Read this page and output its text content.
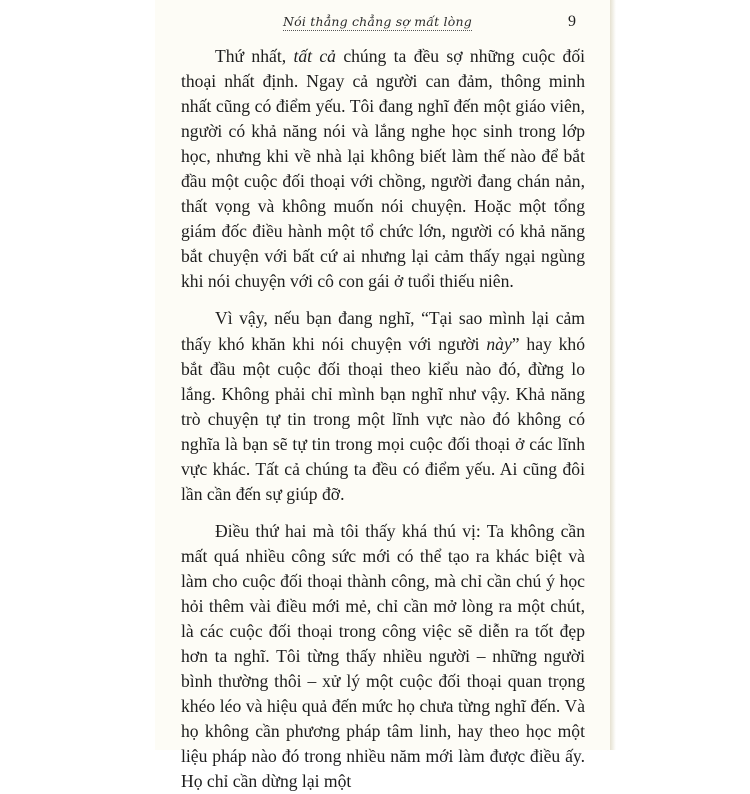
Nói thẳng chẳng sợ mất lòng	9

Thứ nhất, tất cả chúng ta đều sợ những cuộc đối thoại nhất định. Ngay cả người can đảm, thông minh nhất cũng có điểm yếu. Tôi đang nghĩ đến một giáo viên, người có khả năng nói và lắng nghe học sinh trong lớp học, nhưng khi về nhà lại không biết làm thế nào để bắt đầu một cuộc đối thoại với chồng, người đang chán nản, thất vọng và không muốn nói chuyện. Hoặc một tổng giám đốc điều hành một tổ chức lớn, người có khả năng bắt chuyện với bất cứ ai nhưng lại cảm thấy ngại ngùng khi nói chuyện với cô con gái ở tuổi thiếu niên.

Vì vậy, nếu bạn đang nghĩ, “Tại sao mình lại cảm thấy khó khăn khi nói chuyện với người này” hay khó bắt đầu một cuộc đối thoại theo kiểu nào đó, đừng lo lắng. Không phải chỉ mình bạn nghĩ như vậy. Khả năng trò chuyện tự tin trong một lĩnh vực nào đó không có nghĩa là bạn sẽ tự tin trong mọi cuộc đối thoại ở các lĩnh vực khác. Tất cả chúng ta đều có điểm yếu. Ai cũng đôi lần cần đến sự giúp đỡ.

Điều thứ hai mà tôi thấy khá thú vị: Ta không cần mất quá nhiều công sức mới có thể tạo ra khác biệt và làm cho cuộc đối thoại thành công, mà chỉ cần chú ý học hỏi thêm vài điều mới mẻ, chỉ cần mở lòng ra một chút, là các cuộc đối thoại trong công việc sẽ diễn ra tốt đẹp hơn ta nghĩ. Tôi từng thấy nhiều người – những người bình thường thôi – xử lý một cuộc đối thoại quan trọng khéo léo và hiệu quả đến mức họ chưa từng nghĩ đến. Và họ không cần phương pháp tâm linh, hay theo học một liệu pháp nào đó trong nhiều năm mới làm được điều ấy. Họ chỉ cần dừng lại một
